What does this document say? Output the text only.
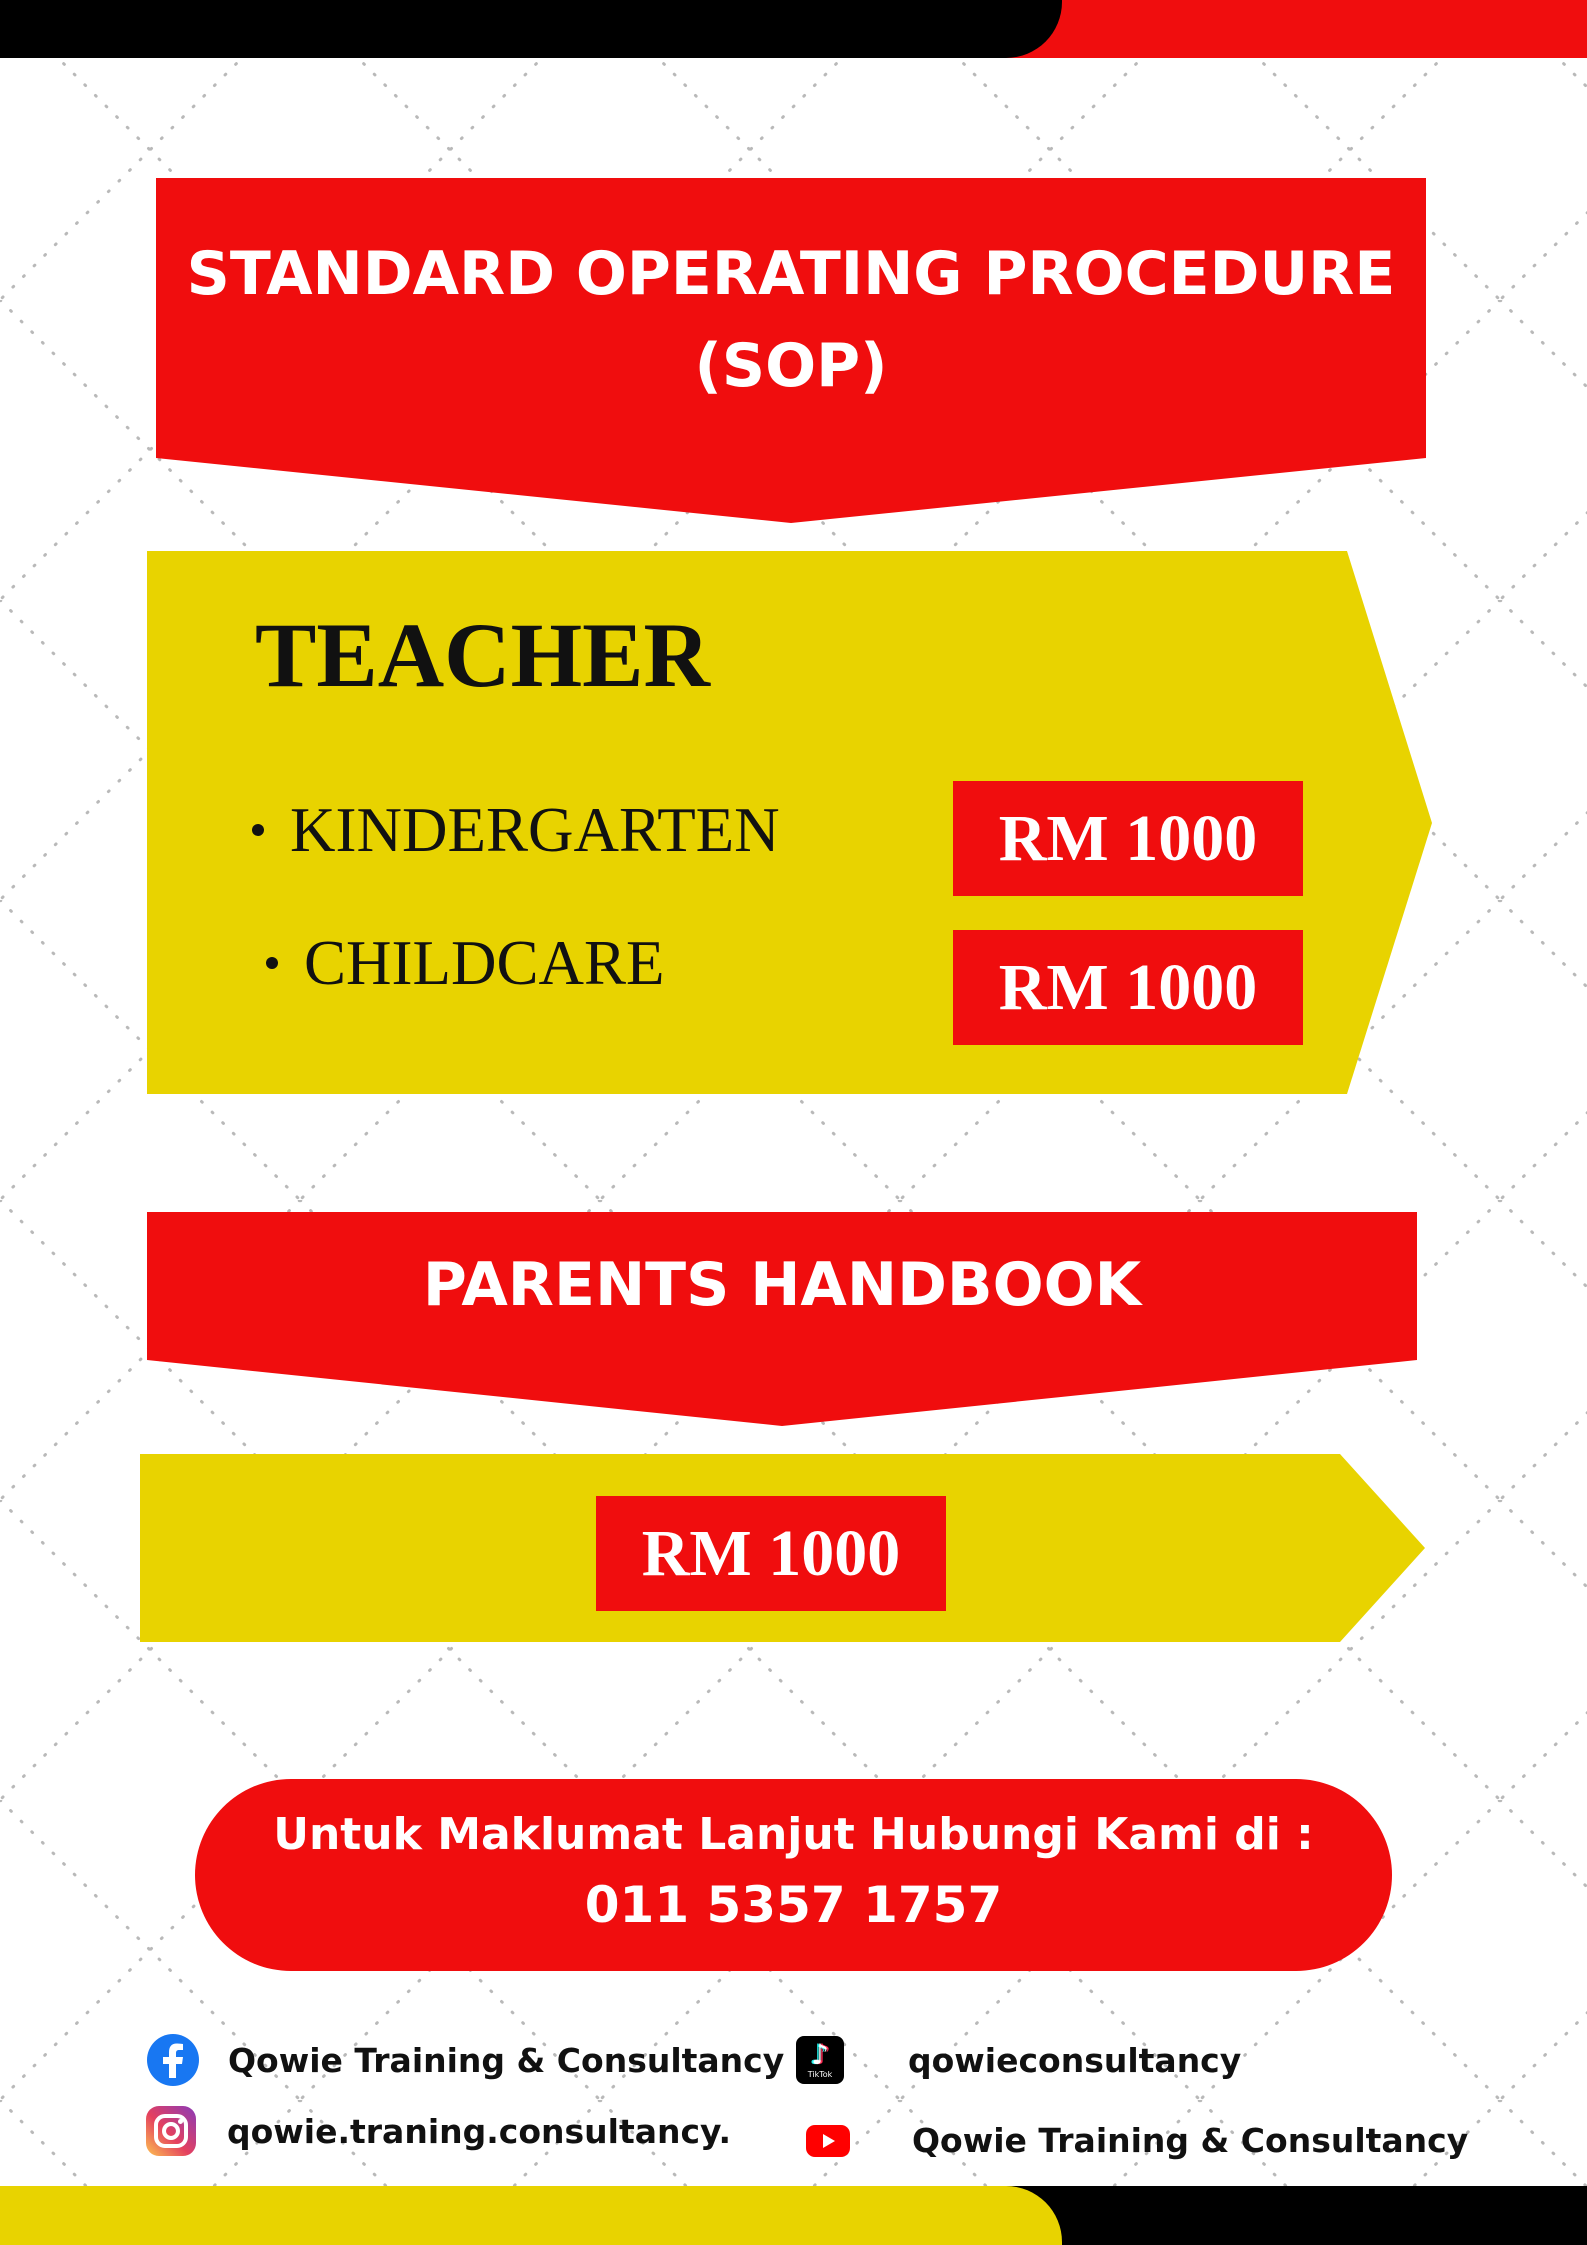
STANDARD OPERATING PROCEDURE
(SOP)
TEACHER
KINDERGARTEN	RM 1000
CHILDCARE	RM 1000
PARENTS HANDBOOK
RM 1000
Untuk Maklumat Lanjut Hubungi Kami di :
011 5357 1757
Qowie Training & Consultancy ♪
TikTok	qowieconsultancy
qowie.traning.consultancy.	Qowie Training & Consultancy
